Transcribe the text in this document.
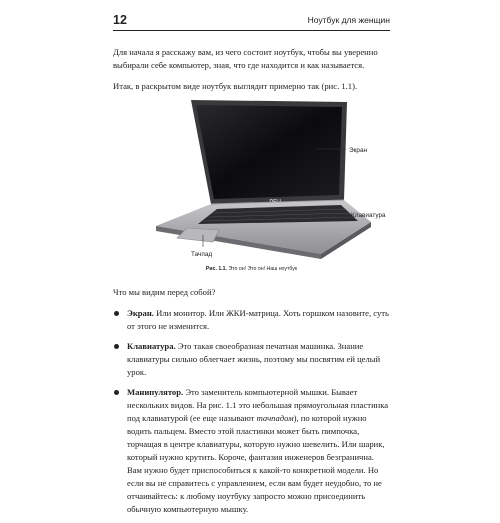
12	Ноутбук для женщин

Для начала я расскажу вам, из чего состоит ноутбук, чтобы вы уверенно выбирали себе компьютер, зная, что где находится и как называется.

Итак, в раскрытом виде ноутбук выглядит примерно так (рис. 1.1).

Экран
Клавиатура
Тачпад
Рис. 1.1. Это он! Это он! Наш ноутбук

Что мы видим перед собой?

Экран. Или монитор. Или ЖКИ-матрица. Хоть горшком назовите, суть от этого не изменится.
Клавиатура. Это такая своеобразная печатная машинка. Знание клавиатуры сильно облегчает жизнь, поэтому мы посвятим ей целый урок.
Манипулятор. Это заменитель компьютерной мышки. Бывает нескольких видов. На рис. 1.1 это небольшая прямоугольная пластинка под клавиатурой (ее еще называют тачпадом), по которой нужно водить пальцем. Вместо этой пластинки может быть пимпочка, торчащая в центре клавиатуры, которую нужно шевелить. Или шарик, который нужно крутить. Короче, фантазия инженеров безгранична. Вам нужно будет приспособиться к какой-то конкретной модели. Но если вы не справитесь с управлением, если вам будет неудобно, то не отчаивайтесь: к любому ноутбуку запросто можно присоединить обычную компьютерную мышку.
